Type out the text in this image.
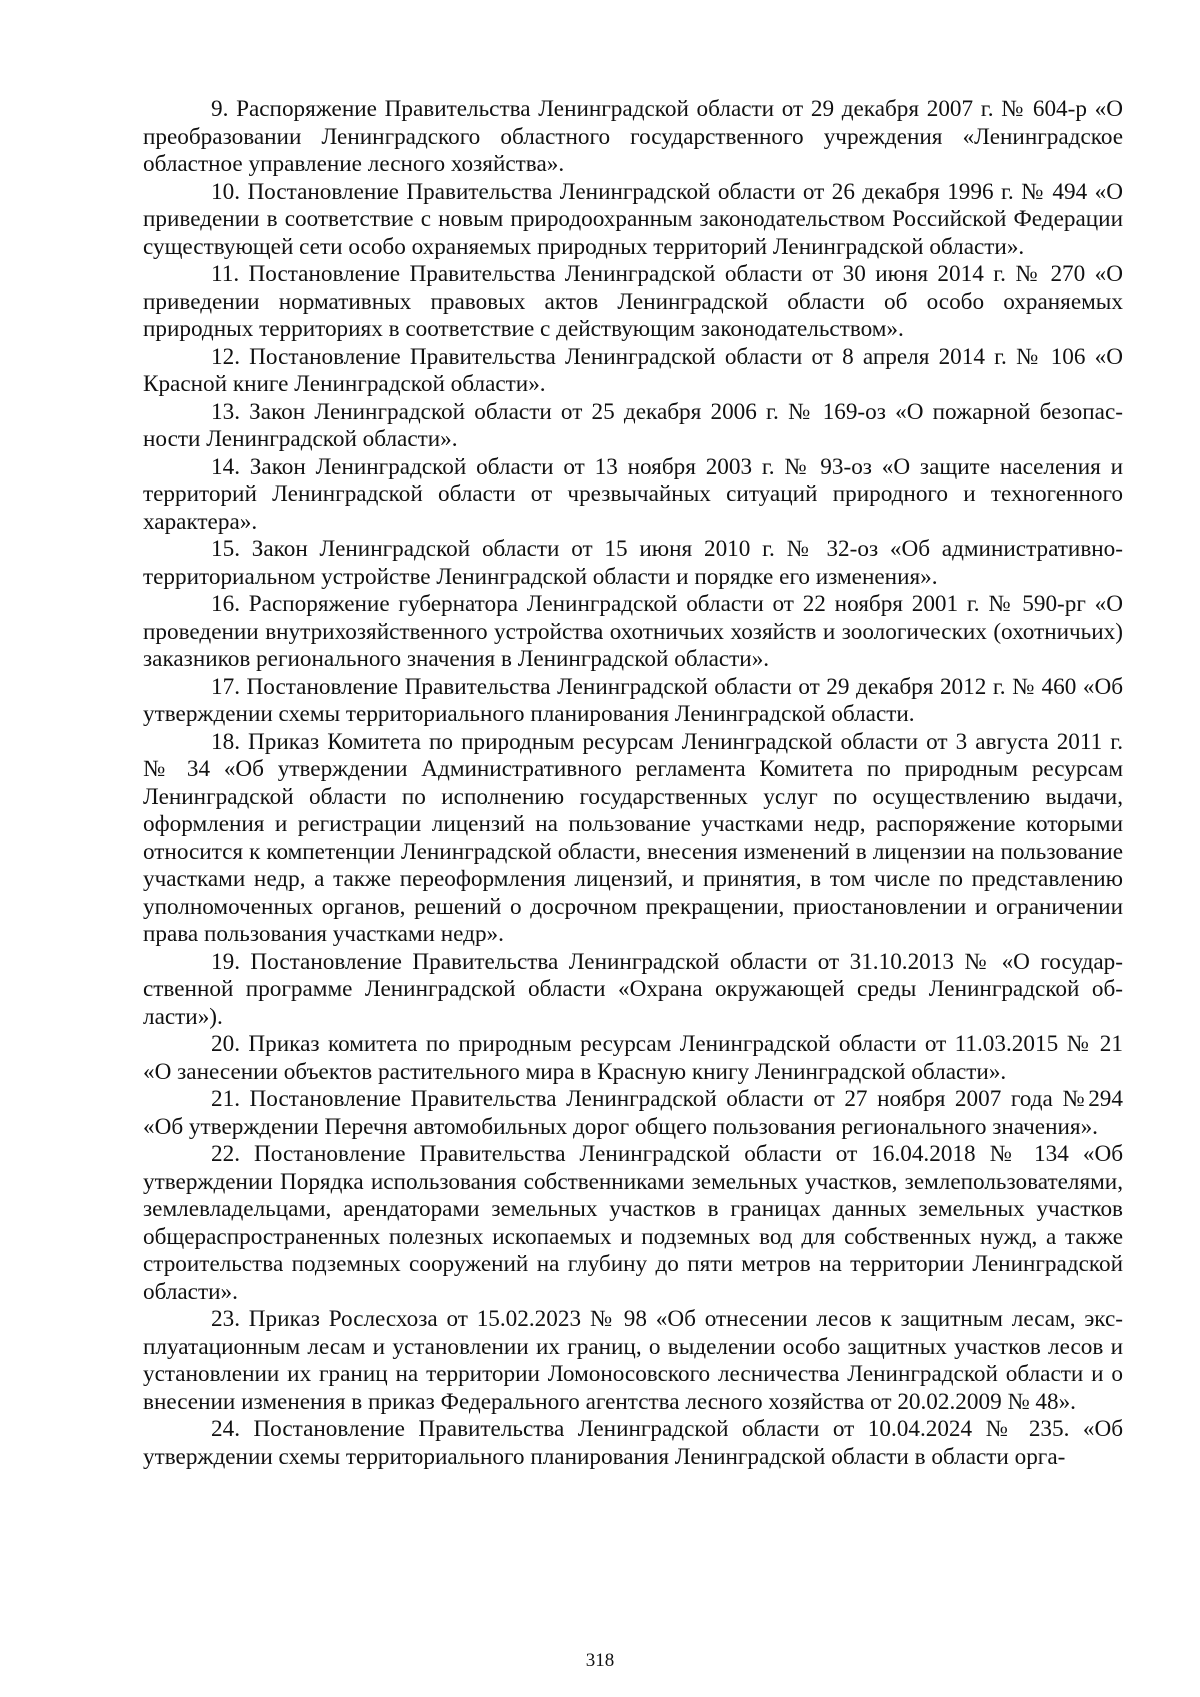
9. Распоряжение Правительства Ленинградской области от 29 декабря 2007 г. № 604-р «О преобразовании Ленинградского областного государственного учреждения «Ленинградское областное управление лесного хозяйства».

10. Постановление Правительства Ленинградской области от 26 декабря 1996 г. № 494 «О приведении в соответствие с новым природоохранным законодательством Российской Федерации существующей сети особо охраняемых природных территорий Ленинградской области».

11. Постановление Правительства Ленинградской области от 30 июня 2014 г. № 270 «О приведении нормативных правовых актов Ленинградской области об особо охраняемых природных территориях в соответствие с действующим законодательством».

12. Постановление Правительства Ленинградской области от 8 апреля 2014 г. № 106 «О Красной книге Ленинградской области».

13. Закон Ленинградской области от 25 декабря 2006 г. № 169-оз «О пожарной безопасности Ленинградской области».

14. Закон Ленинградской области от 13 ноября 2003 г. № 93-оз «О защите населения и территорий Ленинградской области от чрезвычайных ситуаций природного и техногенного характера».

15. Закон Ленинградской области от 15 июня 2010 г. № 32-оз «Об административно-территориальном устройстве Ленинградской области и порядке его изменения».

16. Распоряжение губернатора Ленинградской области от 22 ноября 2001 г. № 590-рг «О проведении внутрихозяйственного устройства охотничьих хозяйств и зоологических (охотничьих) заказников регионального значения в Ленинградской области».

17. Постановление Правительства Ленинградской области от 29 декабря 2012 г. № 460 «Об утверждении схемы территориального планирования Ленинградской области.

18. Приказ Комитета по природным ресурсам Ленинградской области от 3 августа 2011 г. № 34 «Об утверждении Административного регламента Комитета по природным ресурсам Ленинградской области по исполнению государственных услуг по осуществлению выдачи, оформления и регистрации лицензий на пользование участками недр, распоряжение которыми относится к компетенции Ленинградской области, внесения изменений в лицензии на пользование участками недр, а также переоформления лицензий, и принятия, в том числе по представлению уполномоченных органов, решений о досрочном прекращении, приостановлении и ограничении права пользования участками недр».

19. Постановление Правительства Ленинградской области от 31.10.2013 № «О государственной программе Ленинградской области «Охрана окружающей среды Ленинградской области»).

20. Приказ комитета по природным ресурсам Ленинградской области от 11.03.2015 № 21 «О занесении объектов растительного мира в Красную книгу Ленинградской области».

21. Постановление Правительства Ленинградской области от 27 ноября 2007 года №294 «Об утверждении Перечня автомобильных дорог общего пользования регионального значения».

22. Постановление Правительства Ленинградской области от 16.04.2018 № 134 «Об утверждении Порядка использования собственниками земельных участков, землепользователями, землевладельцами, арендаторами земельных участков в границах данных земельных участков общераспространенных полезных ископаемых и подземных вод для собственных нужд, а также строительства подземных сооружений на глубину до пяти метров на территории Ленинградской области».

23. Приказ Рослесхоза от 15.02.2023 № 98 «Об отнесении лесов к защитным лесам, эксплуатационным лесам и установлении их границ, о выделении особо защитных участков лесов и установлении их границ на территории Ломоносовского лесничества Ленинградской области и о внесении изменения в приказ Федерального агентства лесного хозяйства от 20.02.2009 № 48».

24. Постановление Правительства Ленинградской области от 10.04.2024 № 235. «Об утверждении схемы территориального планирования Ленинградской области в области орга-

318
